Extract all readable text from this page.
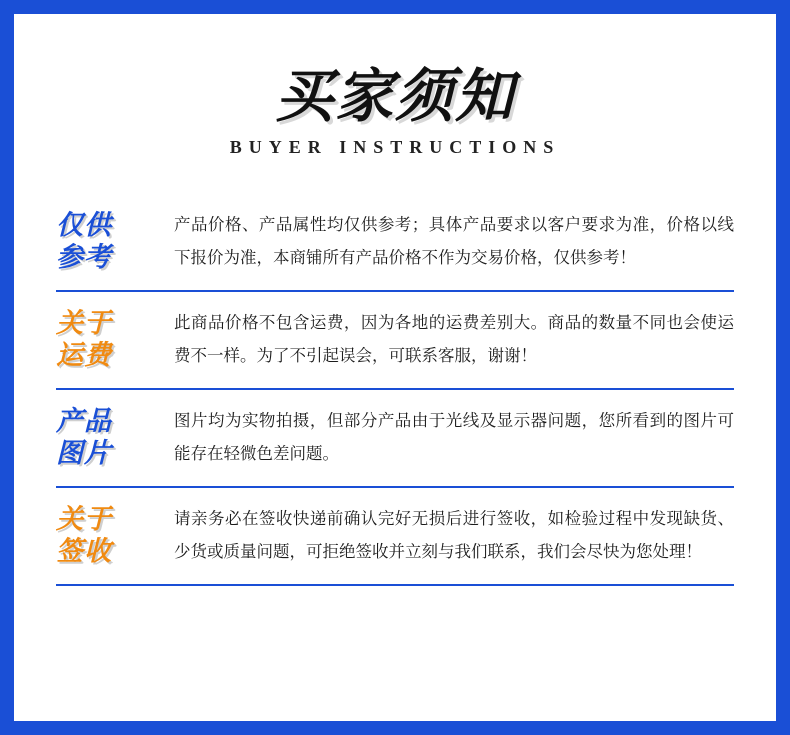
买家须知
BUYER INSTRUCTIONS
仅供
参考
产品价格、产品属性均仅供参考；具体产品要求以客户要求为准，价格以线下报价为准，本商铺所有产品价格不作为交易价格，仅供参考！
关于
运费
此商品价格不包含运费，因为各地的运费差别大。商品的数量不同也会使运费不一样。为了不引起误会，可联系客服，谢谢！
产品
图片
图片均为实物拍摄，但部分产品由于光线及显示器问题，您所看到的图片可能存在轻微色差问题。
关于
签收
请亲务必在签收快递前确认完好无损后进行签收，如检验过程中发现缺货、少货或质量问题，可拒绝签收并立刻与我们联系，我们会尽快为您处理！
